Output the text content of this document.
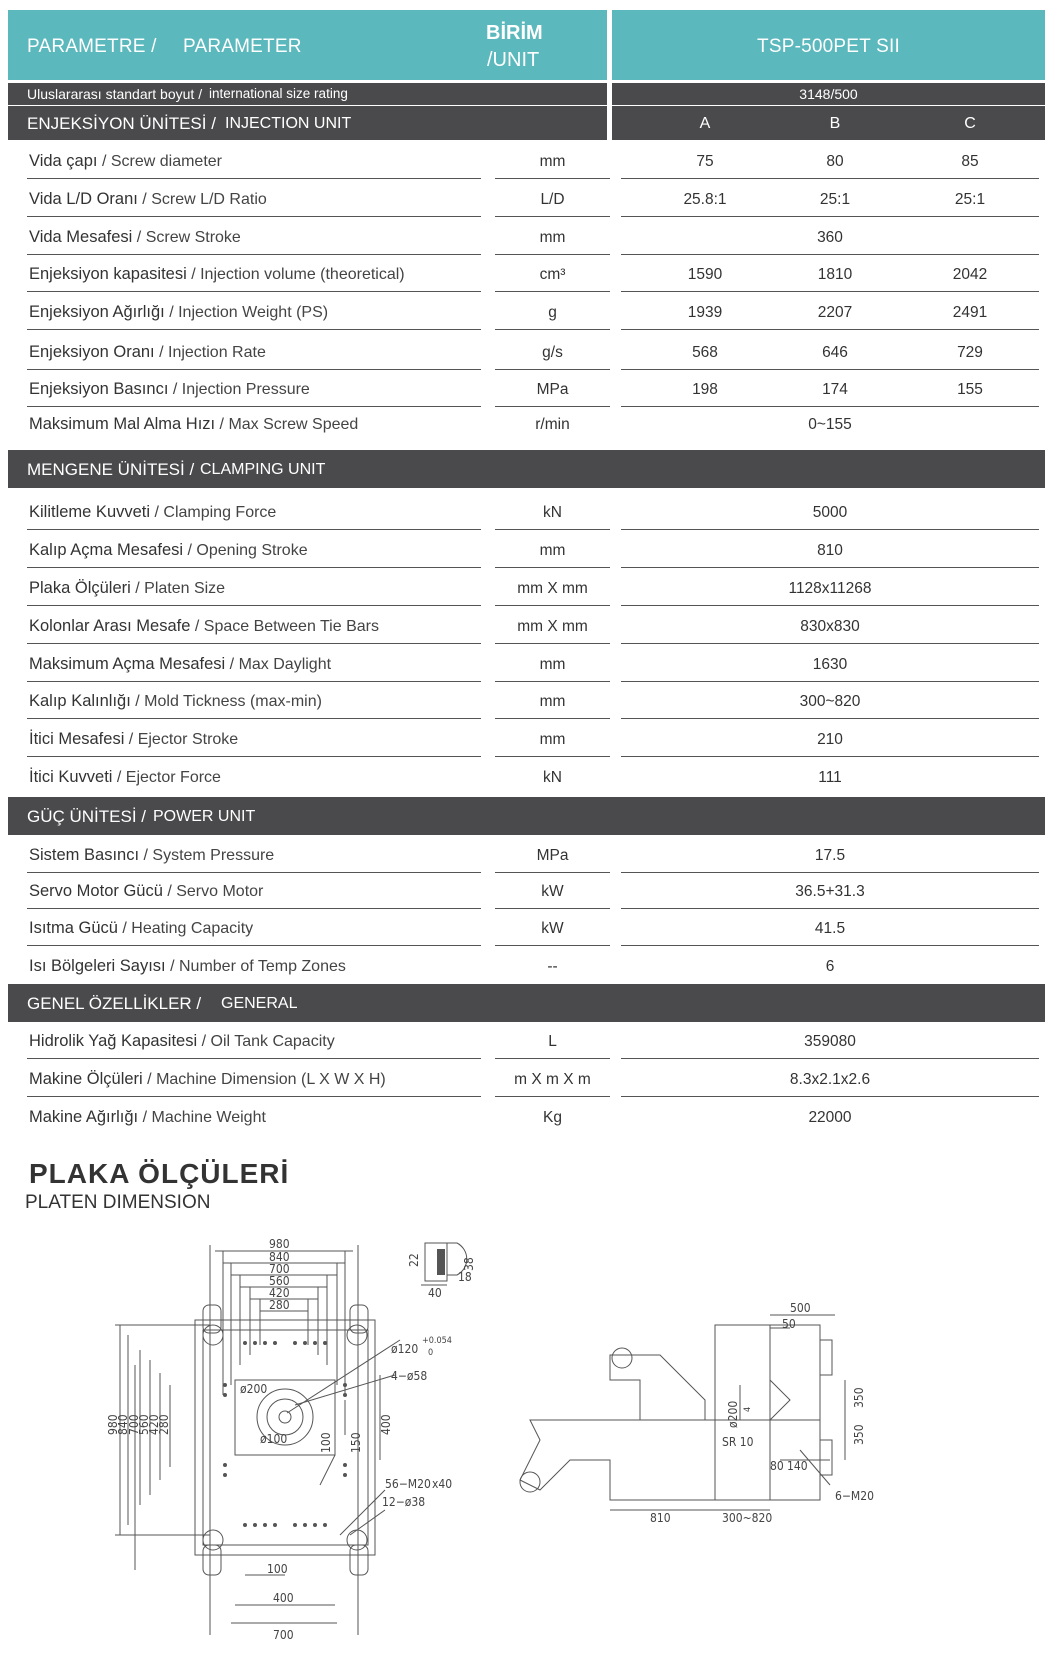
PARAMETRE / PARAMETER
BİRİM
/UNIT
TSP-500PET SII
Uluslararası standart boyut / international size rating	3148/500
ENJEKSİYON ÜNİTESİ / INJECTION UNIT	A	B	C
Vida çapı / Screw diameter	mm	75	80	85
Vida L/D Oranı / Screw L/D Ratio	L/D	25.8:1	25:1	25:1
Vida Mesafesi / Screw Stroke	mm	360
Enjeksiyon kapasitesi / Injection volume (theoretical)	cm³	1590	1810	2042
Enjeksiyon Ağırlığı / Injection Weight (PS)	g	1939	2207	2491
Enjeksiyon Oranı / Injection Rate	g/s	568	646	729
Enjeksiyon Basıncı / Injection Pressure	MPa	198	174	155
Maksimum Mal Alma Hızı / Max Screw Speed	r/min	0~155
Kilitleme Kuvveti / Clamping Force	kN	5000
Kalıp Açma Mesafesi / Opening Stroke	mm	810
Plaka Ölçüleri / Platen Size	mm X mm	1128x11268
Kolonlar Arası Mesafe / Space Between Tie Bars	mm X mm	830x830
Maksimum Açma Mesafesi / Max Daylight	mm	1630
Kalıp Kalınlığı / Mold Tickness (max-min)	mm	300~820
İtici Mesafesi / Ejector Stroke	mm	210
İtici Kuvveti / Ejector Force	kN	111
Sistem Basıncı / System Pressure	MPa	17.5
Servo Motor Gücü / Servo Motor	kW	36.5+31.3
Isıtma Gücü / Heating Capacity	kW	41.5
Isı Bölgeleri Sayısı / Number of Temp Zones	--	6
Hidrolik Yağ Kapasitesi / Oil Tank Capacity	L	359080
Makine Ölçüleri / Machine Dimension (L X W X H)	m X m X m	8.3x2.1x2.6
Makine Ağırlığı / Machine Weight	Kg	22000
MENGENE ÜNİTESİ / CLAMPING UNIT
GÜÇ ÜNİTESİ / POWER UNIT
GENEL ÖZELLİKLER / GENERAL
PLAKA ÖLÇÜLERİ
PLATEN DIMENSION
980
840
700
560
420
280
980
840
700
560
420
280
ø200
ø100
ø120
+0.054
0
4−ø58
150
100
400
100
400
700
56−M20 x40
12−ø38
22	38
18
40
500
50
350
350
ø200 4
SR 10
80 140
6−M20
810	300~820
